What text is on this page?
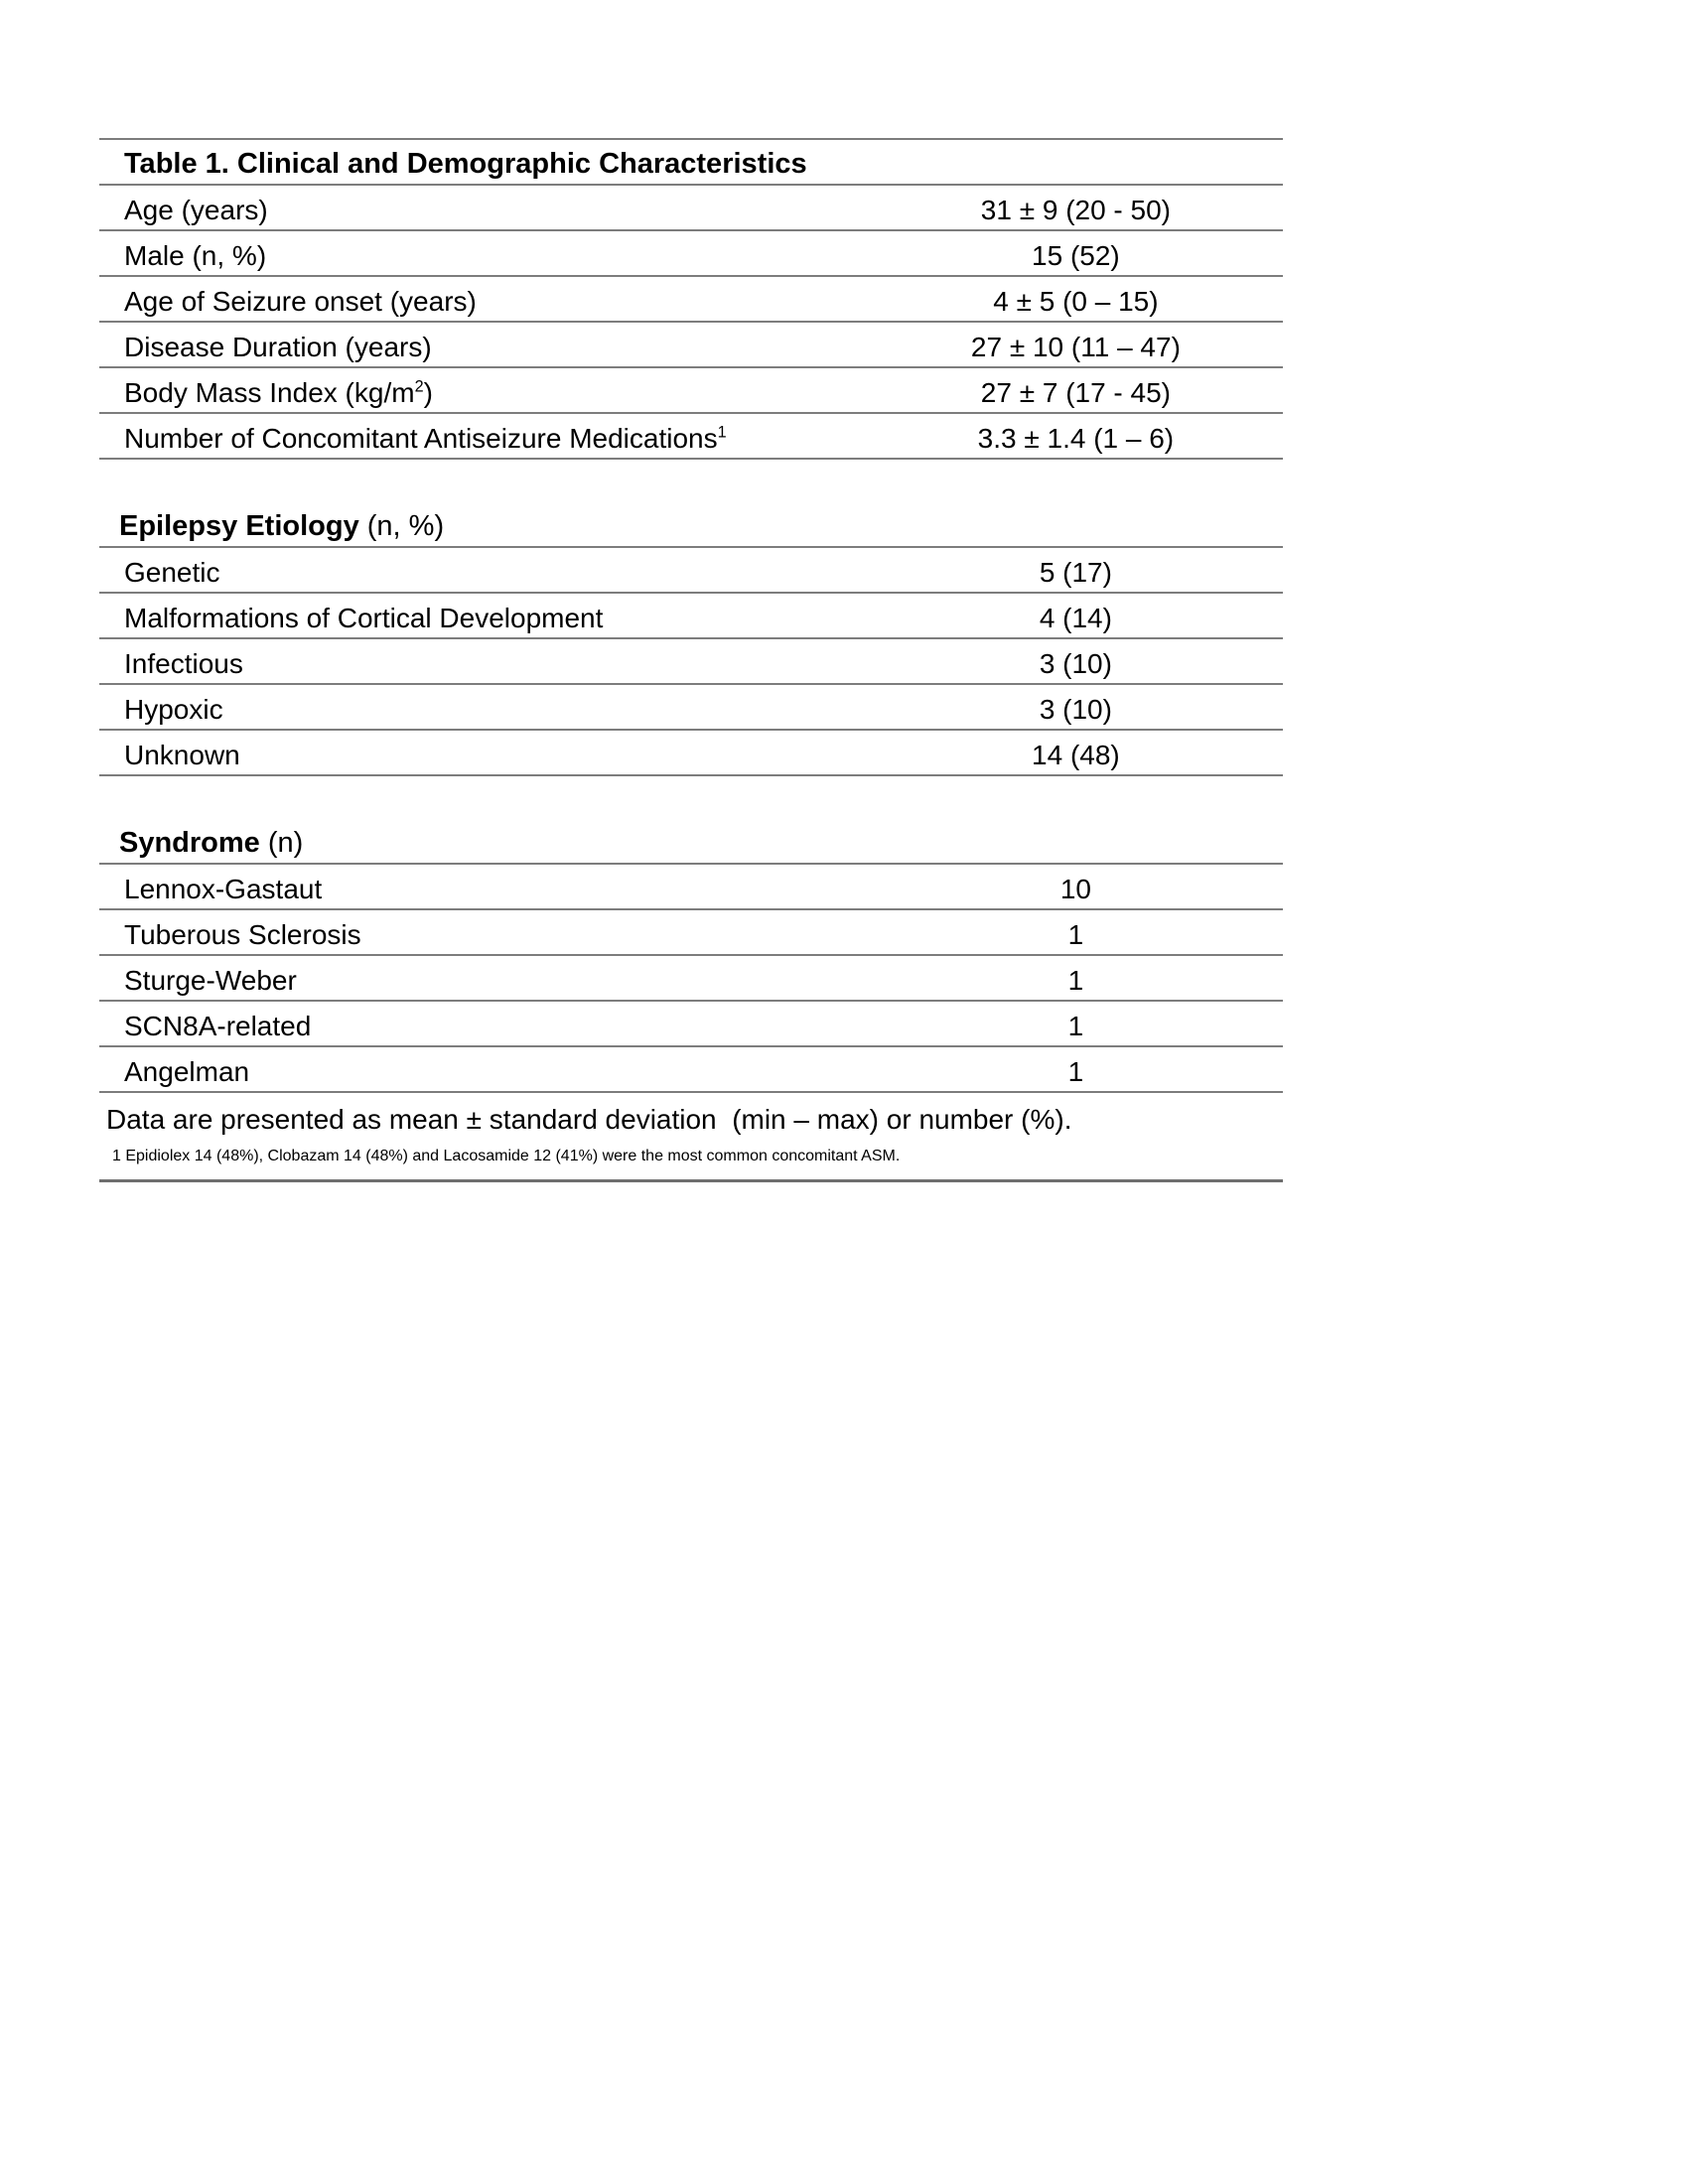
Table 1. Clinical and Demographic Characteristics
Age (years)	31 ± 9 (20 - 50)
Male (n, %)	15 (52)
Age of Seizure onset (years)	4 ± 5 (0 – 15)
Disease Duration (years)	27 ± 10 (11 – 47)
Body Mass Index $(kg/m^2)$	27 ± 7 (17 - 45)
Number of Concomitant Antiseizure Medications$^1$	3.3 ± 1.4 (1 – 6)
Epilepsy Etiology (n, %)
Genetic	5 (17)
Malformations of Cortical Development	4 (14)
Infectious	3 (10)
Hypoxic	3 (10)
Unknown	14 (48)
Syndrome (n)
Lennox-Gastaut	10
Tuberous Sclerosis	1
Sturge-Weber	1
SCN8A-related	1
Angelman	1
Data are presented as mean ± standard deviation  (min – max) or number (%).
1 Epidiolex 14 (48%), Clobazam 14 (48%) and Lacosamide 12 (41%) were the most common concomitant ASM.
